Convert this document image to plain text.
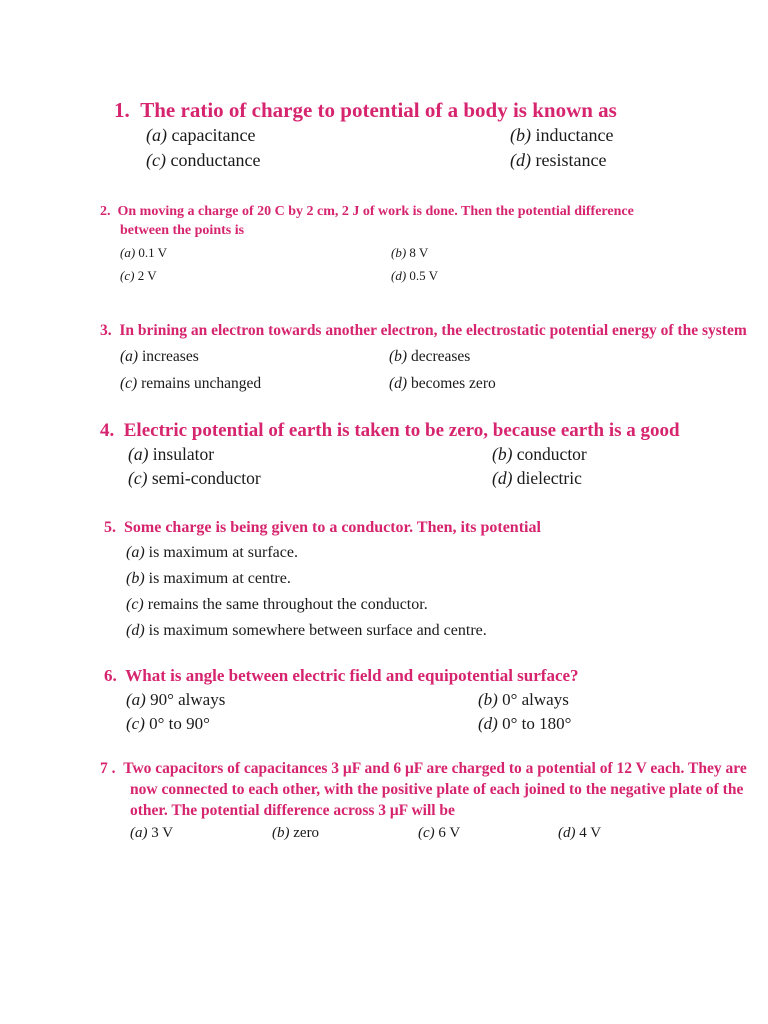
1. The ratio of charge to potential of a body is known as
(a) capacitance	(b) inductance
(c) conductance	(d) resistance
2. On moving a charge of 20 C by 2 cm, 2 J of work is done. Then the potential difference
between the points is
(a) 0.1 V	(b) 8 V
(c) 2 V	(d) 0.5 V
3. In brining an electron towards another electron, the electrostatic potential energy of the system
(a) increases	(b) decreases
(c) remains unchanged	(d) becomes zero
4. Electric potential of earth is taken to be zero, because earth is a good
(a) insulator	(b) conductor
(c) semi-conductor	(d) dielectric
5. Some charge is being given to a conductor. Then, its potential
(a) is maximum at surface.
(b) is maximum at centre.
(c) remains the same throughout the conductor.
(d) is maximum somewhere between surface and centre.
6. What is angle between electric field and equipotential surface?
(a) 90° always	(b) 0° always
(c) 0° to 90°	(d) 0° to 180°
7 . Two capacitors of capacitances 3 μF and 6 μF are charged to a potential of 12 V each. They are
now connected to each other, with the positive plate of each joined to the negative plate of the
other. The potential difference across 3 μF will be
(a) 3 V	(b) zero	(c) 6 V	(d) 4 V
